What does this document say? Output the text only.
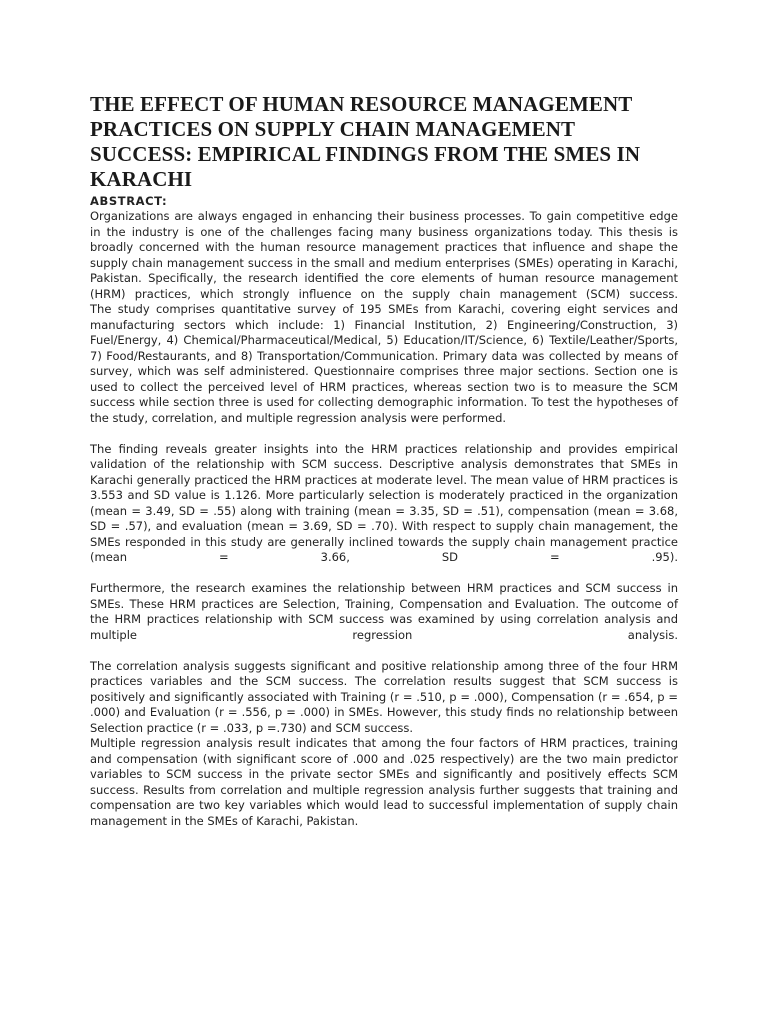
THE EFFECT OF HUMAN RESOURCE MANAGEMENT PRACTICES ON SUPPLY CHAIN MANAGEMENT SUCCESS: EMPIRICAL FINDINGS FROM THE SMES IN KARACHI
ABSTRACT:

Organizations are always engaged in enhancing their business processes. To gain competitive edge in the industry is one of the challenges facing many business organizations today. This thesis is broadly concerned with the human resource management practices that influence and shape the supply chain management success in the small and medium enterprises (SMEs) operating in Karachi, Pakistan. Specifically, the research identified the core elements of human resource management (HRM) practices, which strongly influence on the supply chain management (SCM) success.

The study comprises quantitative survey of 195 SMEs from Karachi, covering eight services and manufacturing sectors which include: 1) Financial Institution, 2) Engineering/Construction, 3) Fuel/Energy, 4) Chemical/Pharmaceutical/Medical, 5) Education/IT/Science, 6) Textile/Leather/Sports, 7) Food/Restaurants, and 8) Transportation/Communication. Primary data was collected by means of survey, which was self administered. Questionnaire comprises three major sections. Section one is used to collect the perceived level of HRM practices, whereas section two is to measure the SCM success while section three is used for collecting demographic information. To test the hypotheses of the study, correlation, and multiple regression analysis were performed.

The finding reveals greater insights into the HRM practices relationship and provides empirical validation of the relationship with SCM success. Descriptive analysis demonstrates that SMEs in Karachi generally practiced the HRM practices at moderate level. The mean value of HRM practices is 3.553 and SD value is 1.126. More particularly selection is moderately practiced in the organization (mean = 3.49, SD = .55) along with training (mean = 3.35, SD = .51), compensation (mean = 3.68, SD = .57), and evaluation (mean = 3.69, SD = .70). With respect to supply chain management, the SMEs responded in this study are generally inclined towards the supply chain management practice (mean = 3.66, SD = .95).

Furthermore, the research examines the relationship between HRM practices and SCM success in SMEs. These HRM practices are Selection, Training, Compensation and Evaluation. The outcome of the HRM practices relationship with SCM success was examined by using correlation analysis and multiple regression analysis.

The correlation analysis suggests significant and positive relationship among three of the four HRM practices variables and the SCM success. The correlation results suggest that SCM success is positively and significantly associated with Training (r = .510, p = .000), Compensation (r = .654, p = .000) and Evaluation (r = .556, p = .000) in SMEs. However, this study finds no relationship between Selection practice (r = .033, p =.730) and SCM success.

Multiple regression analysis result indicates that among the four factors of HRM practices, training and compensation (with significant score of .000 and .025 respectively) are the two main predictor variables to SCM success in the private sector SMEs and significantly and positively effects SCM success. Results from correlation and multiple regression analysis further suggests that training and compensation are two key variables which would lead to successful implementation of supply chain management in the SMEs of Karachi, Pakistan.
